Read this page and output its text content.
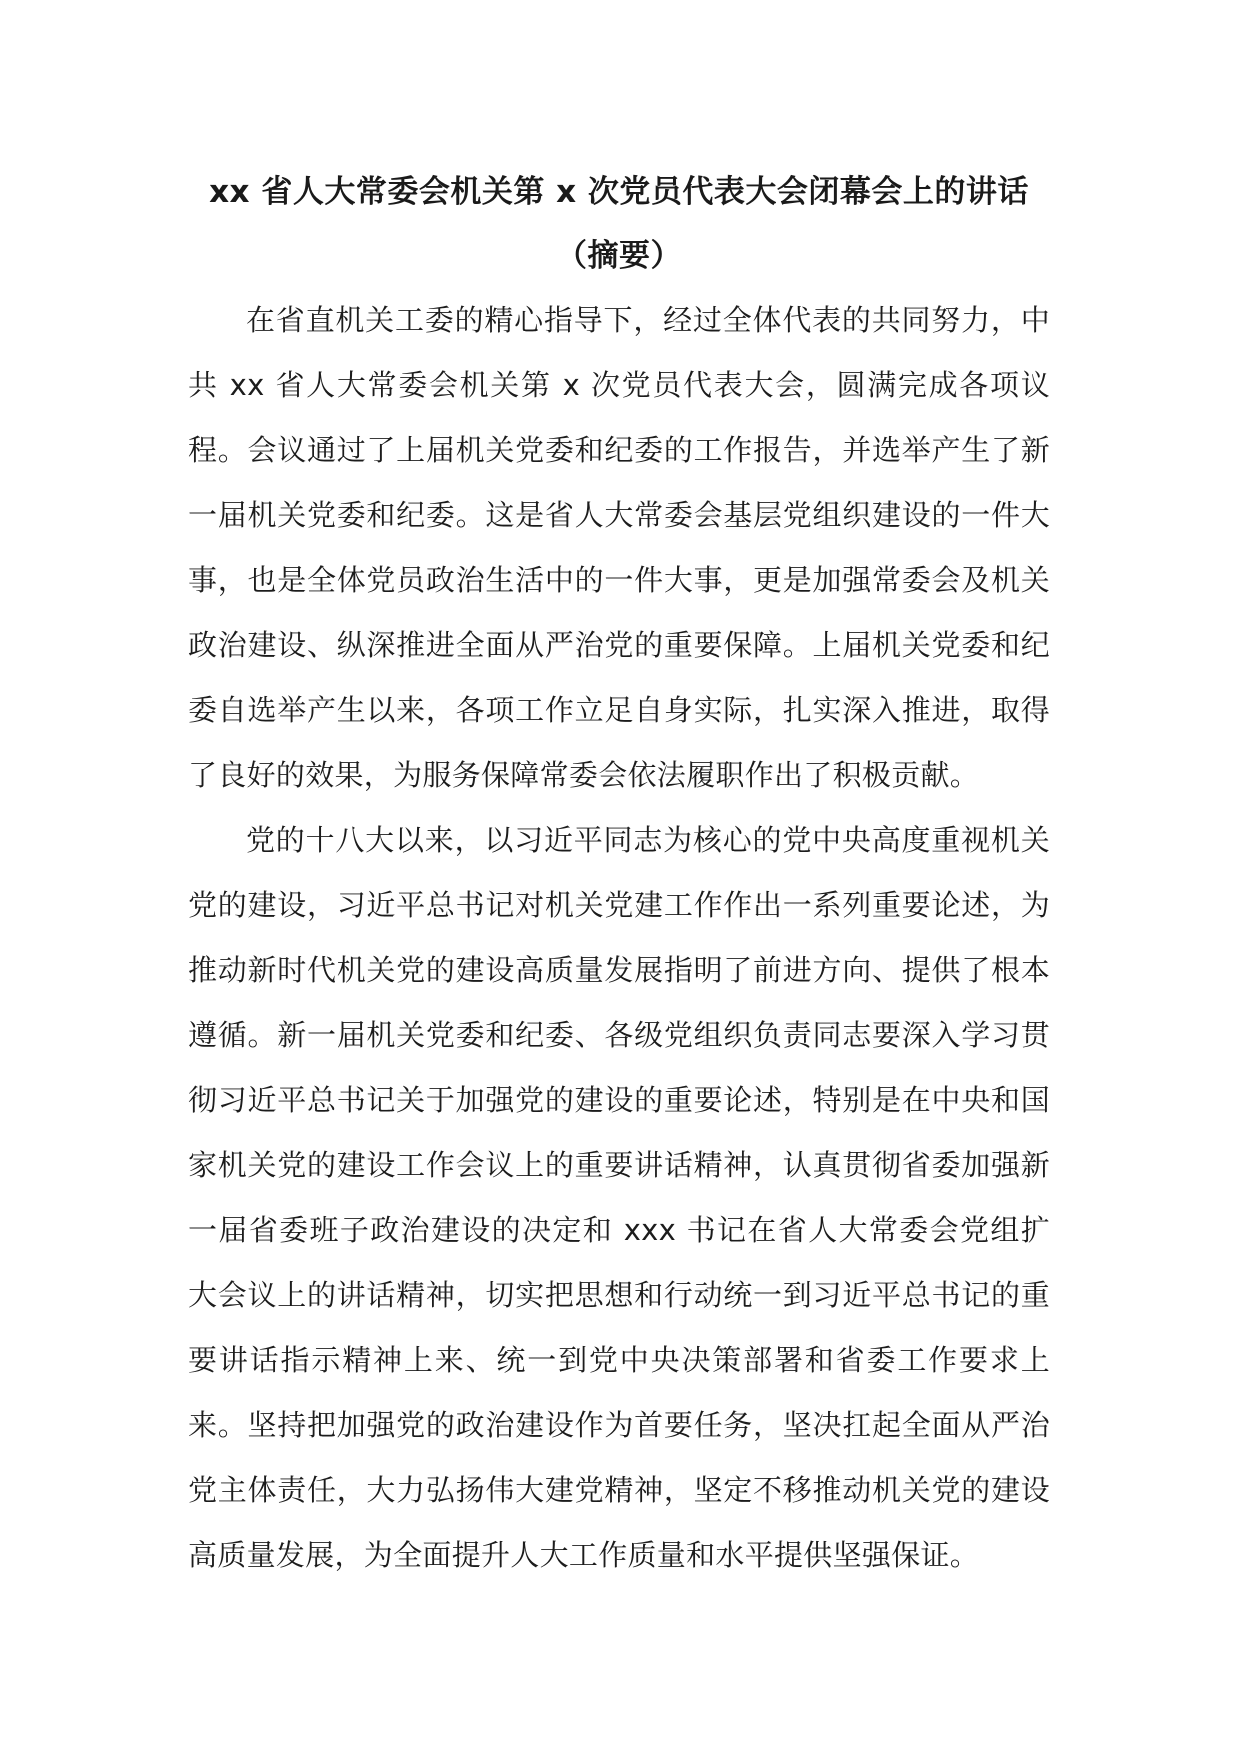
xx 省人大常委会机关第 x 次党员代表大会闭幕会上的讲话
（摘要）

在省直机关工委的精心指导下，经过全体代表的共同努力，中共 xx 省人大常委会机关第 x 次党员代表大会，圆满完成各项议程。会议通过了上届机关党委和纪委的工作报告，并选举产生了新一届机关党委和纪委。这是省人大常委会基层党组织建设的一件大事，也是全体党员政治生活中的一件大事，更是加强常委会及机关政治建设、纵深推进全面从严治党的重要保障。上届机关党委和纪委自选举产生以来，各项工作立足自身实际，扎实深入推进，取得了良好的效果，为服务保障常委会依法履职作出了积极贡献。

党的十八大以来，以习近平同志为核心的党中央高度重视机关党的建设，习近平总书记对机关党建工作作出一系列重要论述，为推动新时代机关党的建设高质量发展指明了前进方向、提供了根本遵循。新一届机关党委和纪委、各级党组织负责同志要深入学习贯彻习近平总书记关于加强党的建设的重要论述，特别是在中央和国家机关党的建设工作会议上的重要讲话精神，认真贯彻省委加强新一届省委班子政治建设的决定和 xxx 书记在省人大常委会党组扩大会议上的讲话精神，切实把思想和行动统一到习近平总书记的重要讲话指示精神上来、统一到党中央决策部署和省委工作要求上来。坚持把加强党的政治建设作为首要任务，坚决扛起全面从严治党主体责任，大力弘扬伟大建党精神，坚定不移推动机关党的建设高质量发展，为全面提升人大工作质量和水平提供坚强保证。
